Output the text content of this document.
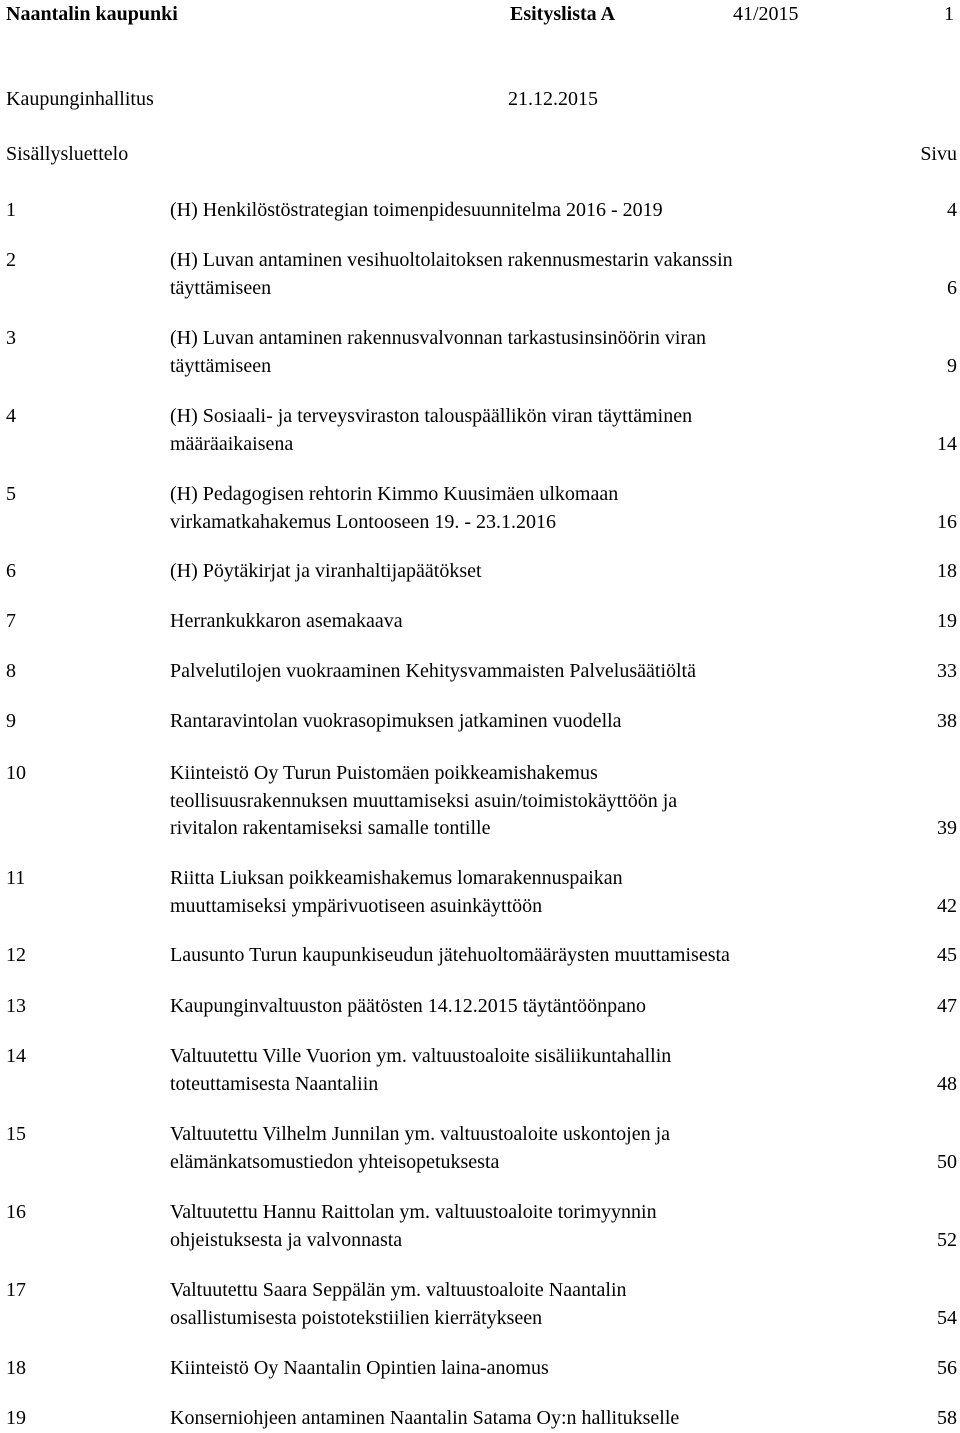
Naantalin kaupunki	Esityslista A	41/2015	1
Kaupunginhallitus	21.12.2015
Sisällysluettelo	Sivu
1	(H) Henkilöstöstrategian toimenpidesuunnitelma 2016 - 2019	4
2	(H) Luvan antaminen vesihuoltolaitoksen rakennusmestarin vakanssin
täyttämiseen	6
3	(H) Luvan antaminen rakennusvalvonnan tarkastusinsinöörin viran
täyttämiseen	9
4	(H) Sosiaali- ja terveysviraston talouspäällikön viran täyttäminen
määräaikaisena	14
5	(H) Pedagogisen rehtorin Kimmo Kuusimäen ulkomaan
virkamatkahakemus Lontooseen 19. - 23.1.2016	16
6	(H) Pöytäkirjat ja viranhaltijapäätökset	18
7	Herrankukkaron asemakaava	19
8	Palvelutilojen vuokraaminen Kehitysvammaisten Palvelusäätiöltä	33
9	Rantaravintolan vuokrasopimuksen jatkaminen vuodella	38
10	Kiinteistö Oy Turun Puistomäen poikkeamishakemus
teollisuusrakennuksen muuttamiseksi asuin/toimistokäyttöön ja
rivitalon rakentamiseksi samalle tontille	39
11	Riitta Liuksan poikkeamishakemus lomarakennuspaikan
muuttamiseksi ympärivuotiseen asuinkäyttöön	42
12	Lausunto Turun kaupunkiseudun jätehuoltomääräysten muuttamisesta	45
13	Kaupunginvaltuuston päätösten 14.12.2015 täytäntöönpano	47
14	Valtuutettu Ville Vuorion ym. valtuustoaloite sisäliikuntahallin
toteuttamisesta Naantaliin	48
15	Valtuutettu Vilhelm Junnilan ym. valtuustoaloite uskontojen ja
elämänkatsomustiedon yhteisopetuksesta	50
16	Valtuutettu Hannu Raittolan ym. valtuustoaloite torimyynnin
ohjeistuksesta ja valvonnasta	52
17	Valtuutettu Saara Seppälän ym. valtuustoaloite Naantalin
osallistumisesta poistotekstiilien kierrätykseen	54
18	Kiinteistö Oy Naantalin Opintien laina-anomus	56
19	Konserniohjeen antaminen Naantalin Satama Oy:n hallitukselle	58
